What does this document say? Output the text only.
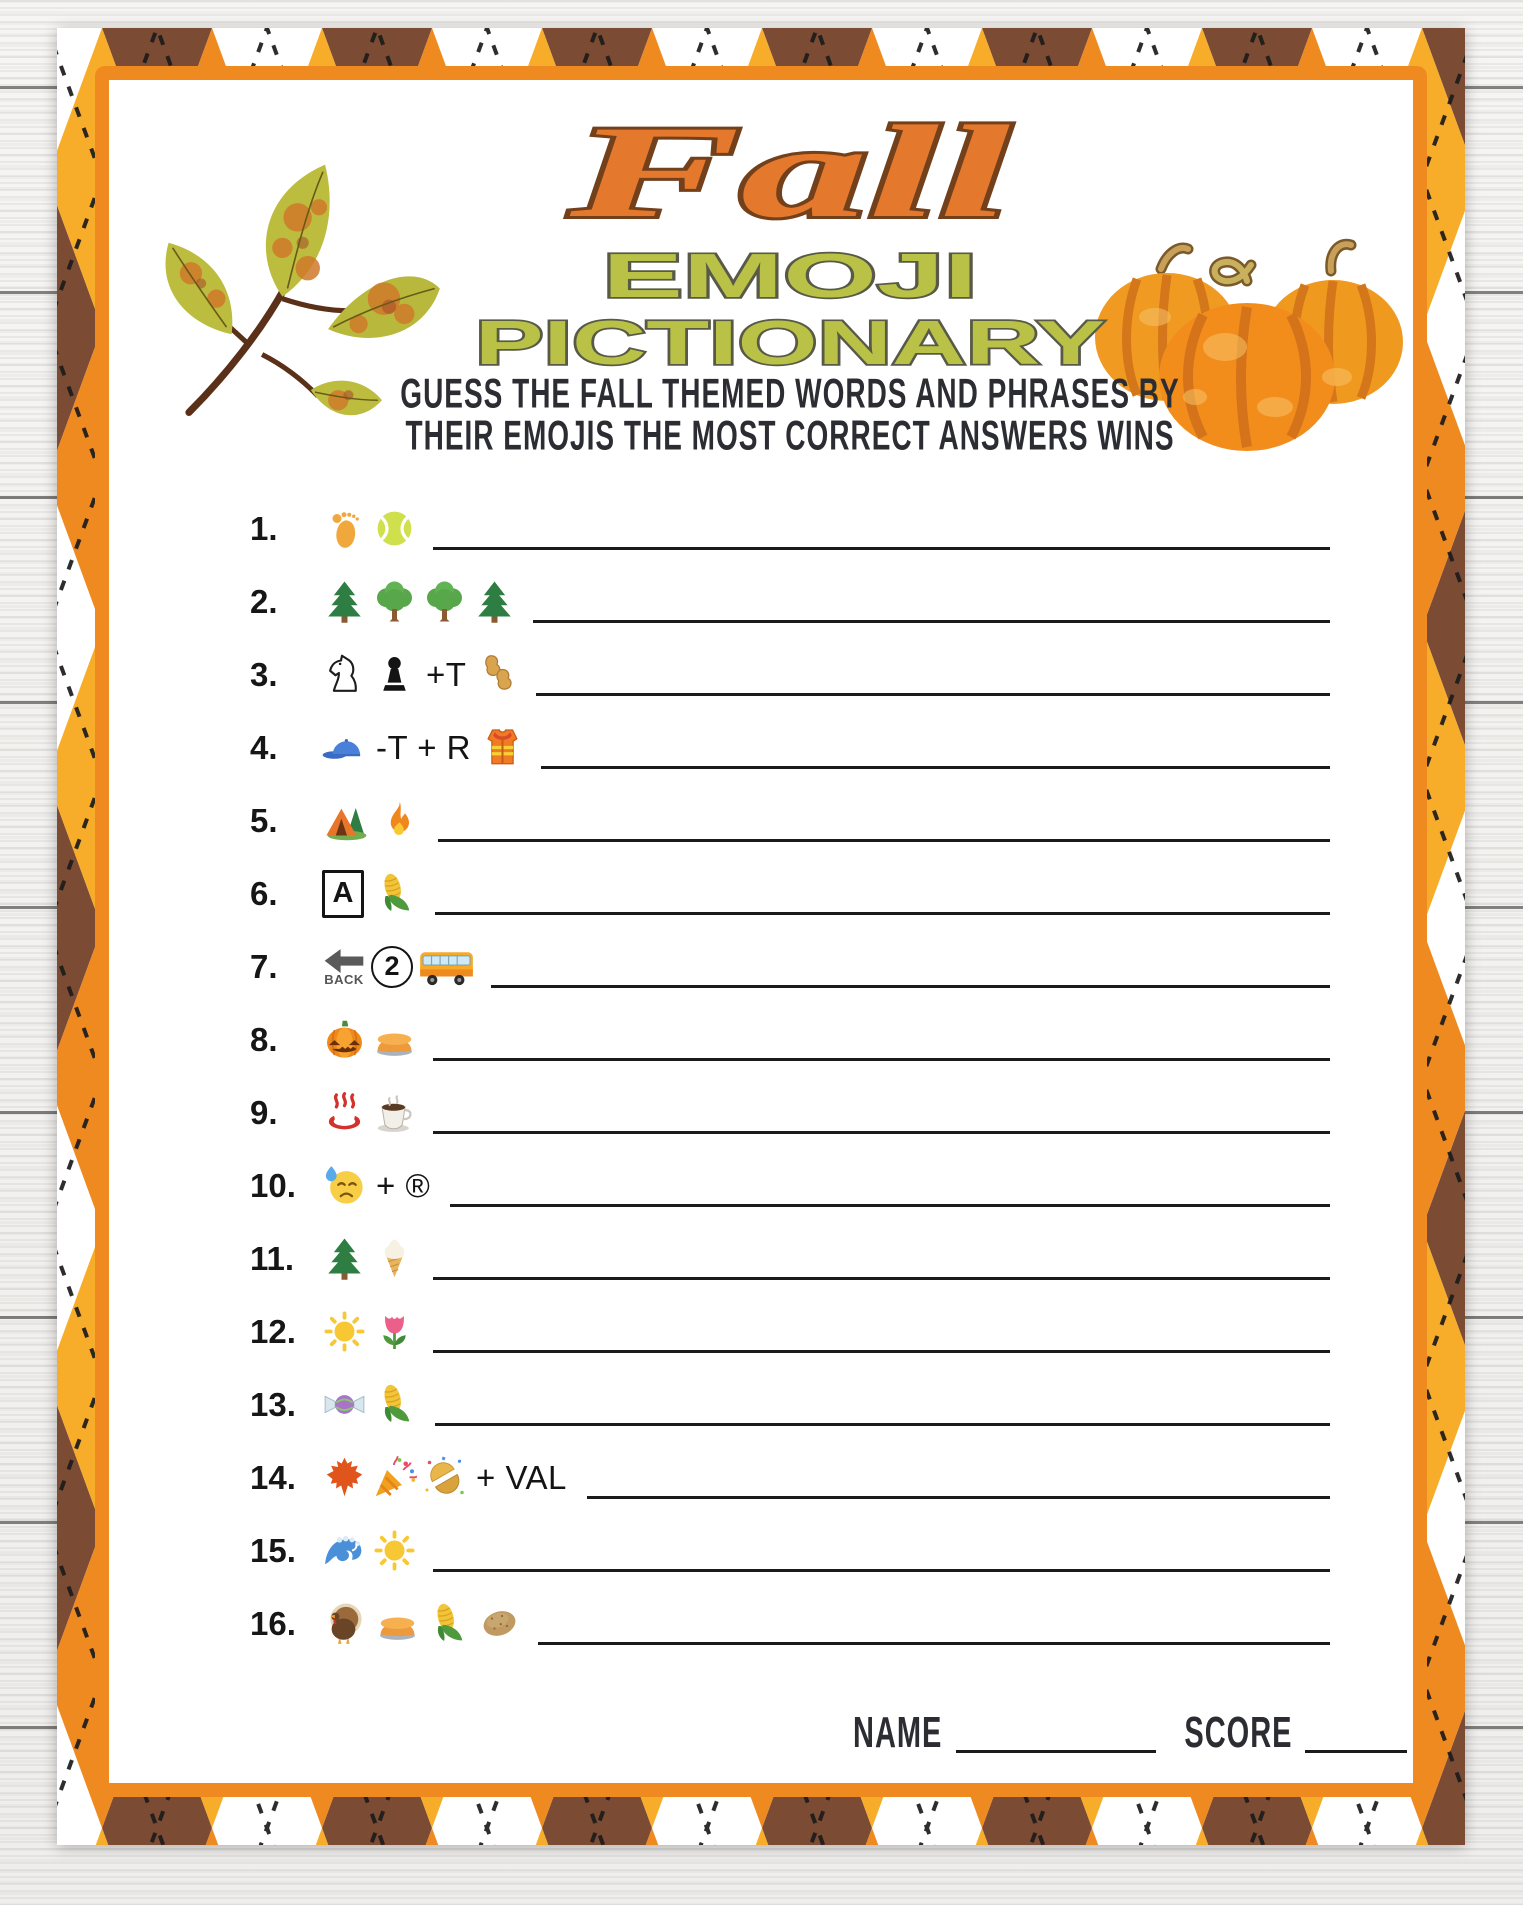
Fall
EMOJI
PICTIONARY
GUESS THE FALL THEMED WORDS AND PHRASES BY
THEIR EMOJIS THE MOST CORRECT ANSWERS WINS
1.
2.
3.	+T
4.	-T + R
5.
6.	A
7.	BACK 2
8.
9.
10.	+ ®
11.
12.
13.
14.	+ VAL
15.
16.
NAME	SCORE
